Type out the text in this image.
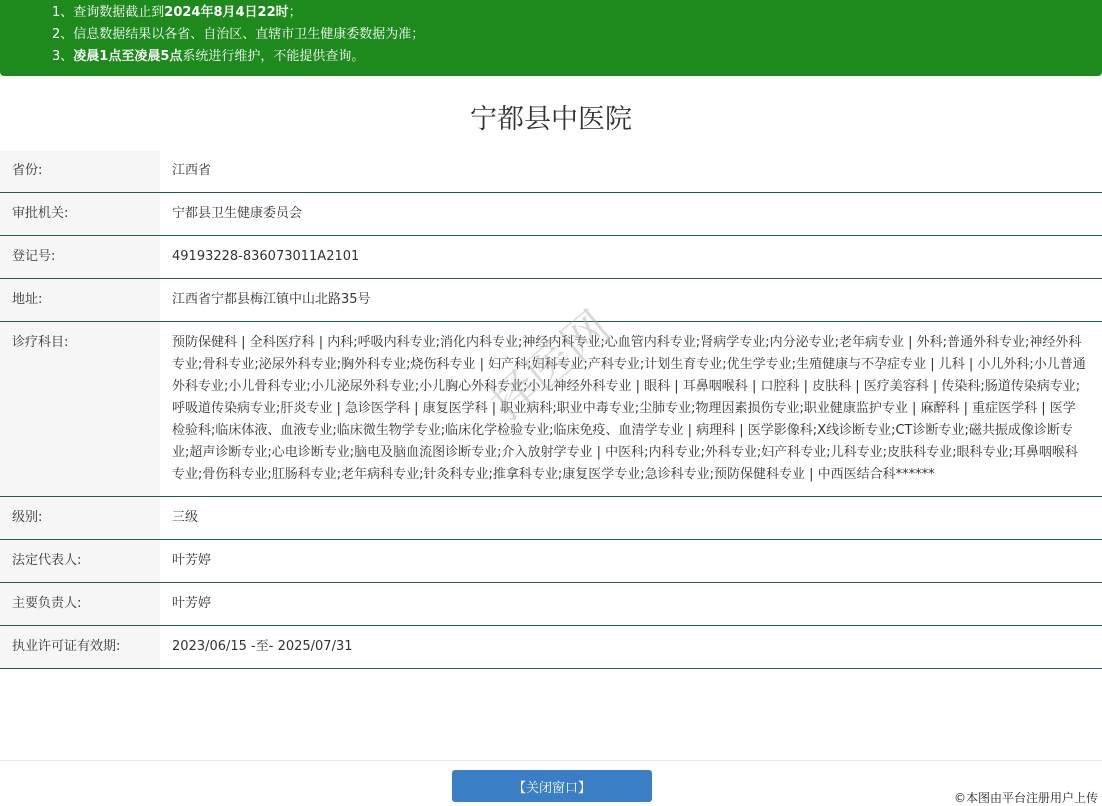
1、查询数据截止到2024年8月4日22时；
2、信息数据结果以各省、自治区、直辖市卫生健康委数据为准；
3、凌晨1点至凌晨5点系统进行维护，不能提供查询。
宁都县中医院
省份:	江西省
审批机关:	宁都县卫生健康委员会
登记号:	49193228-836073011A2101
地址:	江西省宁都县梅江镇中山北路35号
诊疗科目:	预防保健科 | 全科医疗科 | 内科;呼吸内科专业;消化内科专业;神经内科专业;心血管内科专业;肾病学专业;内分泌专业;老年病专业 | 外科;普通外科专业;神经外科专业;骨科专业;泌尿外科专业;胸外科专业;烧伤科专业 | 妇产科;妇科专业;产科专业;计划生育专业;优生学专业;生殖健康与不孕症专业 | 儿科 | 小儿外科;小儿普通外科专业;小儿骨科专业;小儿泌尿外科专业;小儿胸心外科专业;小儿神经外科专业 | 眼科 | 耳鼻咽喉科 | 口腔科 | 皮肤科 | 医疗美容科 | 传染科;肠道传染病专业;呼吸道传染病专业;肝炎专业 | 急诊医学科 | 康复医学科 | 职业病科;职业中毒专业;尘肺专业;物理因素损伤专业;职业健康监护专业 | 麻醉科 | 重症医学科 | 医学检验科;临床体液、血液专业;临床微生物学专业;临床化学检验专业;临床免疫、血清学专业 | 病理科 | 医学影像科;X线诊断专业;CT诊断专业;磁共振成像诊断专业;超声诊断专业;心电诊断专业;脑电及脑血流图诊断专业;介入放射学专业 | 中医科;内科专业;外科专业;妇产科专业;儿科专业;皮肤科专业;眼科专业;耳鼻咽喉科专业;骨伤科专业;肛肠科专业;老年病科专业;针灸科专业;推拿科专业;康复医学专业;急诊科专业;预防保健科专业 | 中西医结合科******
级别:	三级
法定代表人:	叶芳婷
主要负责人:	叶芳婷
执业许可证有效期:	2023/06/15 -至- 2025/07/31
择医网
【关闭窗口】
©本图由平台注册用户上传
